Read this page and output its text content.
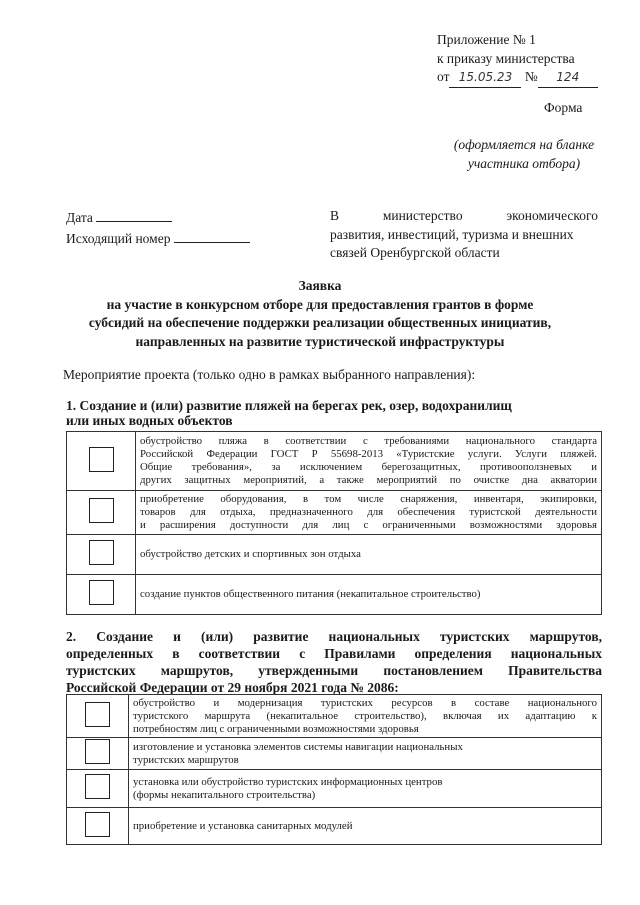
Приложение № 1
к приказу министерства
от 15.05.23 № 124
Форма
(оформляется на бланке
участника отбора)
Дата
Исходящий номер
В	министерство	экономического
развития, инвестиций, туризма и внешних
связей Оренбургской области
Заявка
на участие в конкурсном отборе для предоставления грантов в форме
субсидий на обеспечение поддержки реализации общественных инициатив,
направленных на развитие туристической инфраструктуры
Мероприятие проекта (только одно в рамках выбранного направления):
1. Создание и (или) развитие пляжей на берегах рек, озер, водохранилищ
или иных водных объектов

	обустройство пляжа в соответствии с требованиями национального стандарта
Российской Федерации ГОСТ Р 55698-2013 «Туристские услуги. Услуги пляжей.
Общие требования», за исключением берегозащитных, противооползневых и
других защитных мероприятий, а также мероприятий по очистке дна акватории

	приобретение оборудования, в том числе снаряжения, инвентаря, экипировки,
товаров для отдыха, предназначенного для обеспечения туристской деятельности
и расширения доступности для лиц с ограниченными возможностями здоровья

	обустройство детских и спортивных зон отдыха

	создание пунктов общественного питания (некапитальное строительство)
2. Создание и (или) развитие национальных туристских маршрутов,
определенных в соответствии с Правилами определения национальных
туристских маршрутов, утвержденными постановлением Правительства
Российской Федерации от 29 ноября 2021 года № 2086:

	обустройство и модернизация туристских ресурсов в составе национального
туристского маршрута (некапитальное строительство), включая их адаптацию к
потребностям лиц с ограниченными возможностями здоровья

	изготовление и установка элементов системы навигации национальных
туристских маршрутов

	установка или обустройство туристских информационных центров
(формы некапитального строительства)

	приобретение и установка санитарных модулей
